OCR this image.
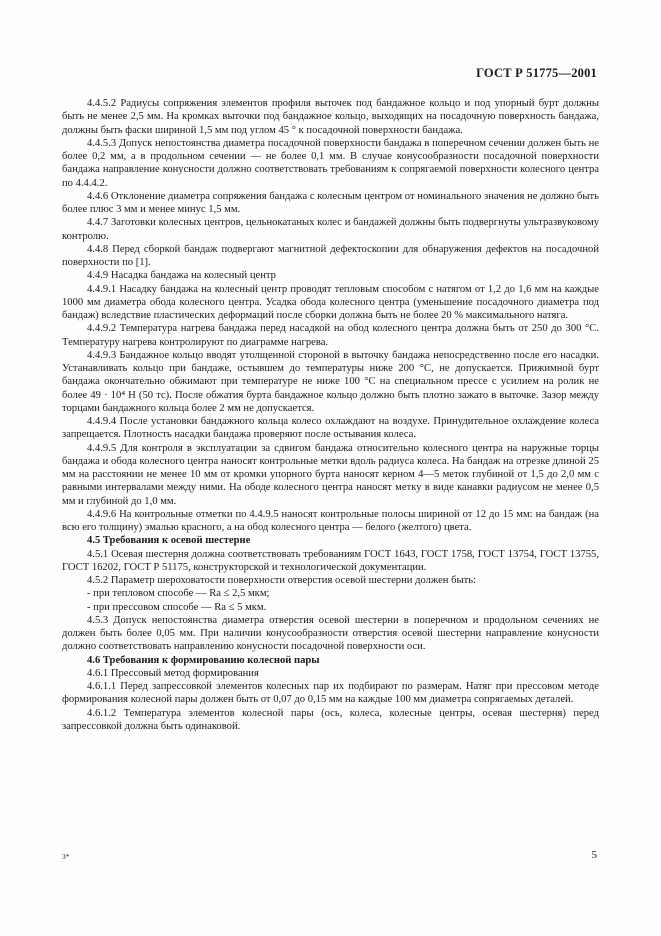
ГОСТ Р 51775—2001

4.4.5.2 Радиусы сопряжения элементов профиля выточек под бандажное кольцо и под упорный бурт должны быть не менее 2,5 мм. На кромках выточки под бандажное кольцо, выходящих на посадочную поверхность бандажа, должны быть фаски шириной 1,5 мм под углом 45 ° к посадочной поверхности бандажа.

4.4.5.3 Допуск непостоянства диаметра посадочной поверхности бандажа в поперечном сечении должен быть не более 0,2 мм, а в продольном сечении — не более 0,1 мм. В случае конусообразности посадочной поверхности бандажа направление конусности должно соответствовать требованиям к сопрягаемой поверхности колесного центра по 4.4.4.2.

4.4.6 Отклонение диаметра сопряжения бандажа с колесным центром от номинального значения не должно быть более плюс 3 мм и менее минус 1,5 мм.

4.4.7 Заготовки колесных центров, цельнокатаных колес и бандажей должны быть подвергнуты ультразвуковому контролю.

4.4.8 Перед сборкой бандаж подвергают магнитной дефектоскопии для обнаружения дефектов на посадочной поверхности по [1].

4.4.9 Насадка бандажа на колесный центр

4.4.9.1 Насадку бандажа на колесный центр проводят тепловым способом с натягом от 1,2 до 1,6 мм на каждые 1000 мм диаметра обода колесного центра. Усадка обода колесного центра (уменьшение посадочного диаметра под бандаж) вследствие пластических деформаций после сборки должна быть не более 20 % максимального натяга.

4.4.9.2 Температура нагрева бандажа перед насадкой на обод колесного центра должна быть от 250 до 300 °С. Температуру нагрева контролируют по диаграмме нагрева.

4.4.9.3 Бандажное кольцо вводят утолщенной стороной в выточку бандажа непосредственно после его насадки. Устанавливать кольцо при бандаже, остывшем до температуры ниже 200 °С, не допускается. Прижимной бурт бандажа окончательно обжимают при температуре не ниже 100 °С на специальном прессе с усилием на ролик не более 49 · 10⁴ Н (50 тс). После обжатия бурта бандажное кольцо должно быть плотно зажато в выточке. Зазор между торцами бандажного кольца более 2 мм не допускается.

4.4.9.4 После установки бандажного кольца колесо охлаждают на воздухе. Принудительное охлаждение колеса запрещается. Плотность насадки бандажа проверяют после остывания колеса.

4.4.9.5 Для контроля в эксплуатации за сдвигом бандажа относительно колесного центра на наружные торцы бандажа и обода колесного центра наносят контрольные метки вдоль радиуса колеса. На бандаж на отрезке длиной 25 мм на расстоянии не менее 10 мм от кромки упорного бурта наносят керном 4—5 меток глубиной от 1,5 до 2,0 мм с равными интервалами между ними. На ободе колесного центра наносят метку в виде канавки радиусом не менее 0,5 мм и глубиной до 1,0 мм.

4.4.9.6 На контрольные отметки по 4.4.9.5 наносят контрольные полосы шириной от 12 до 15 мм: на бандаж (на всю его толщину) эмалью красного, а на обод колесного центра — белого (желтого) цвета.

4.5 Требования к осевой шестерне

4.5.1 Осевая шестерня должна соответствовать требованиям ГОСТ 1643, ГОСТ 1758, ГОСТ 13754, ГОСТ 13755, ГОСТ 16202, ГОСТ Р 51175, конструкторской и технологической документации.

4.5.2 Параметр шероховатости поверхности отверстия осевой шестерни должен быть:

- при тепловом способе — Ra ≤ 2,5 мкм;

- при прессовом способе — Ra ≤ 5 мкм.

4.5.3 Допуск непостоянства диаметра отверстия осевой шестерни в поперечном и продольном сечениях не должен быть более 0,05 мм. При наличии конусообразности отверстия осевой шестерни направление конусности должно соответствовать направлению конусности посадочной поверхности оси.

4.6 Требования к формированию колесной пары

4.6.1 Прессовый метод формирования

4.6.1.1 Перед запрессовкой элементов колесных пар их подбирают по размерам. Натяг при прессовом методе формирования колесной пары должен быть от 0,07 до 0,15 мм на каждые 100 мм диаметра сопрягаемых деталей.

4.6.1.2 Температура элементов колесной пары (ось, колеса, колесные центры, осевая шестерня) перед запрессовкой должна быть одинаковой.

3*	5
